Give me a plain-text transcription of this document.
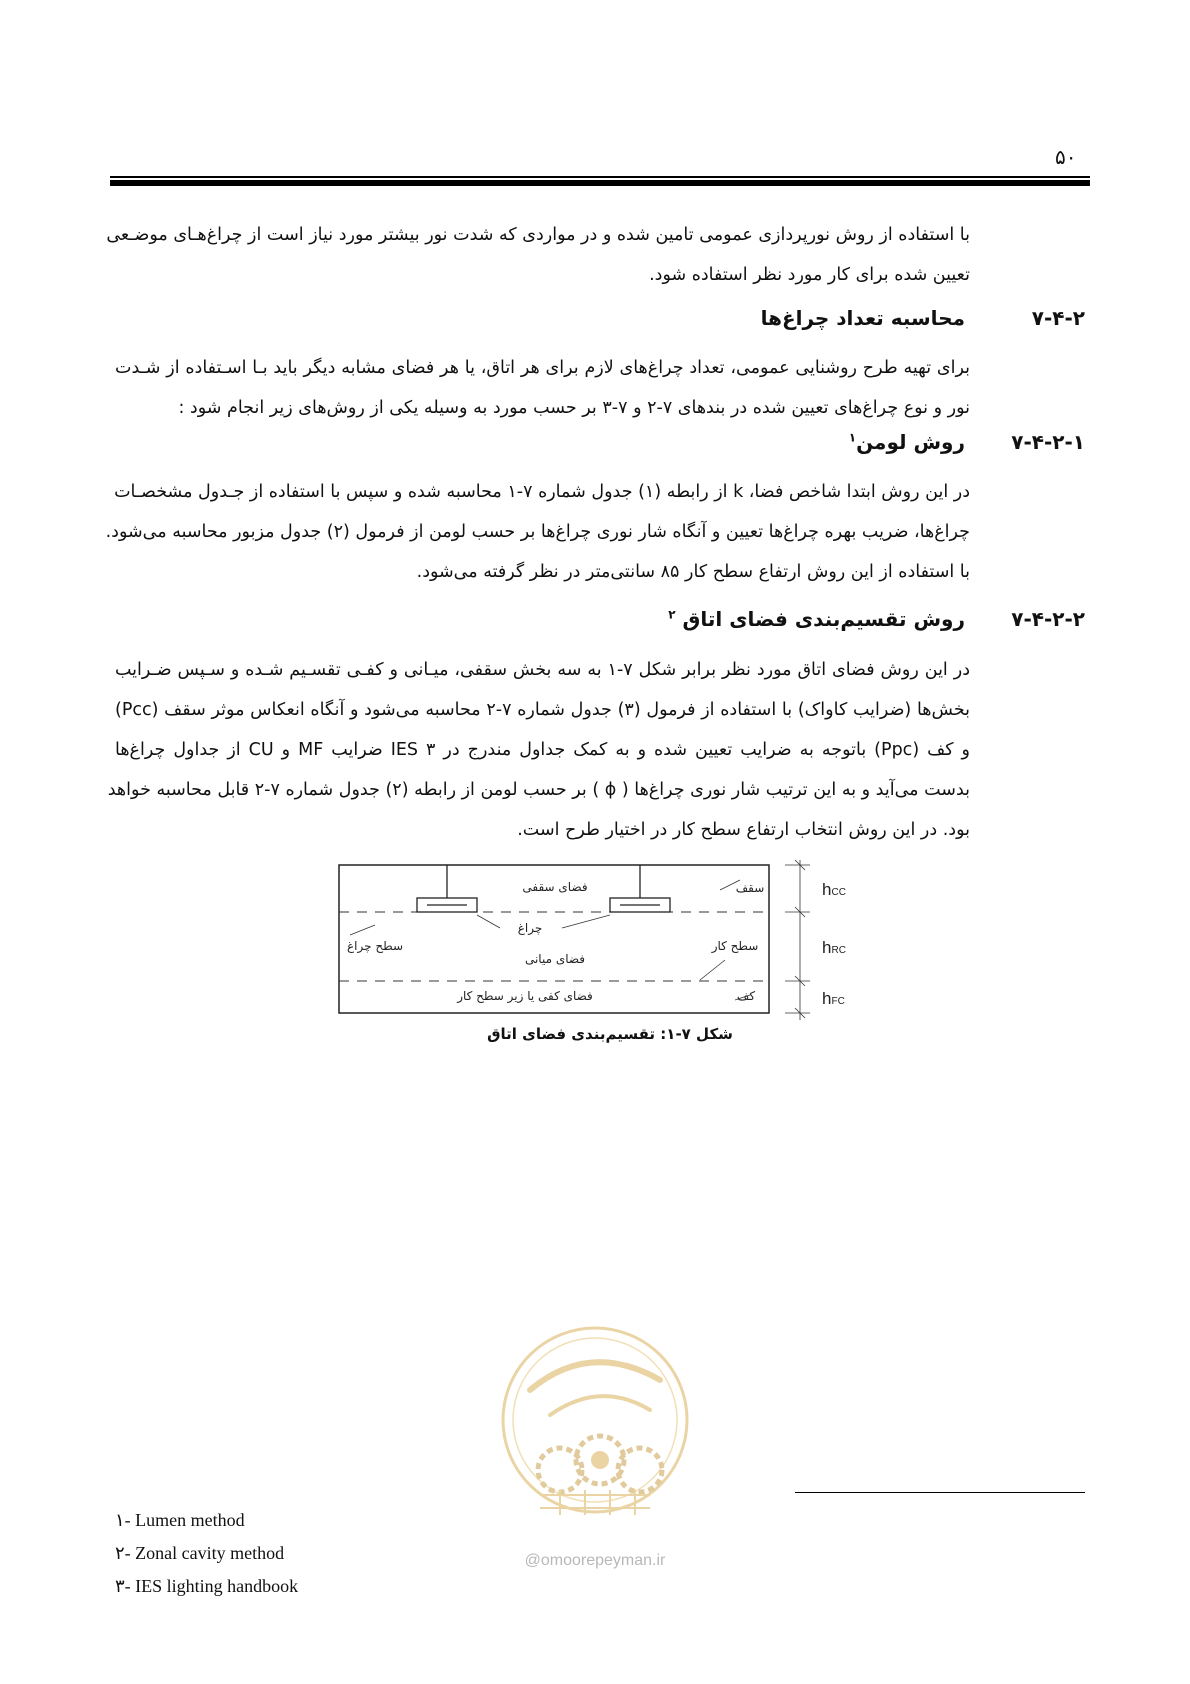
۵۰
با استفاده از روش نورپردازی عمومی تامین شده و در مواردی که شدت نور بیشتر مورد نیاز است از چراغ‌هـای موضـعی
تعیین شده برای کار مورد نظر استفاده شود.
۷-۴-۲
محاسبه تعداد چراغ‌ها
برای تهیه طرح روشنایی عمومی، تعداد چراغ‌های لازم برای هر اتاق، یا هر فضای مشابه دیگر باید بـا اسـتفاده از شـدت
نور و نوع چراغ‌های تعیین شده در بندهای ۷-۲ و ۷-۳ بر حسب مورد به وسیله یکی از روش‌های زیر انجام شود :
۷-۴-۲-۱
روش لومن$^۱$
در این روش ابتدا شاخص فضا، k از رابطه (۱) جدول شماره ۷-۱ محاسبه شده و سپس با استفاده از جـدول مشخصـات
چراغ‌ها، ضریب بهره چراغ‌ها تعیین و آنگاه شار نوری چراغ‌ها بر حسب لومن از فرمول (۲) جدول مزبور محاسبه می‌شود.
با استفاده از این روش ارتفاع سطح کار ۸۵ سانتی‌متر در نظر گرفته می‌شود.
۷-۴-۲-۲
روش تقسیم‌بندی فضای اتاق $^۲$
در این روش فضای اتاق مورد نظر برابر شکل ۷-۱ به سه بخش سقفی، میـانی و کفـی تقسـیم شـده و سـپس ضـرایب
بخش‌ها (ضرایب کاواک) با استفاده از فرمول (۳) جدول شماره ۷-۲ محاسبه می‌شود و آنگاه انعکاس موثر سقف (Pcc)
و کف (Ppc) باتوجه به ضرایب تعیین شده و به کمک جداول مندرج در IES ۳ ضرایب MF و CU از جداول چراغ‌ها
بدست می‌آید و به این ترتیب شار نوری چراغ‌ها ( ϕ ) بر حسب لومن از رابطه (۲) جدول شماره ۷-۲ قابل محاسبه خواهد
بود. در این روش انتخاب ارتفاع سطح کار در اختیار طرح است.
سقف
فضای سقفی
چراغ
سطح چراغ	سطح کار
فضای میانی
کف
فضای کفی یا زیر سطح کار
hCC
hRC
hFC
شکل ۷-۱: تقسیم‌بندی فضای اتاق
@omoorepeyman.ir
۱- Lumen method
۲- Zonal cavity method
۳- IES lighting handbook
